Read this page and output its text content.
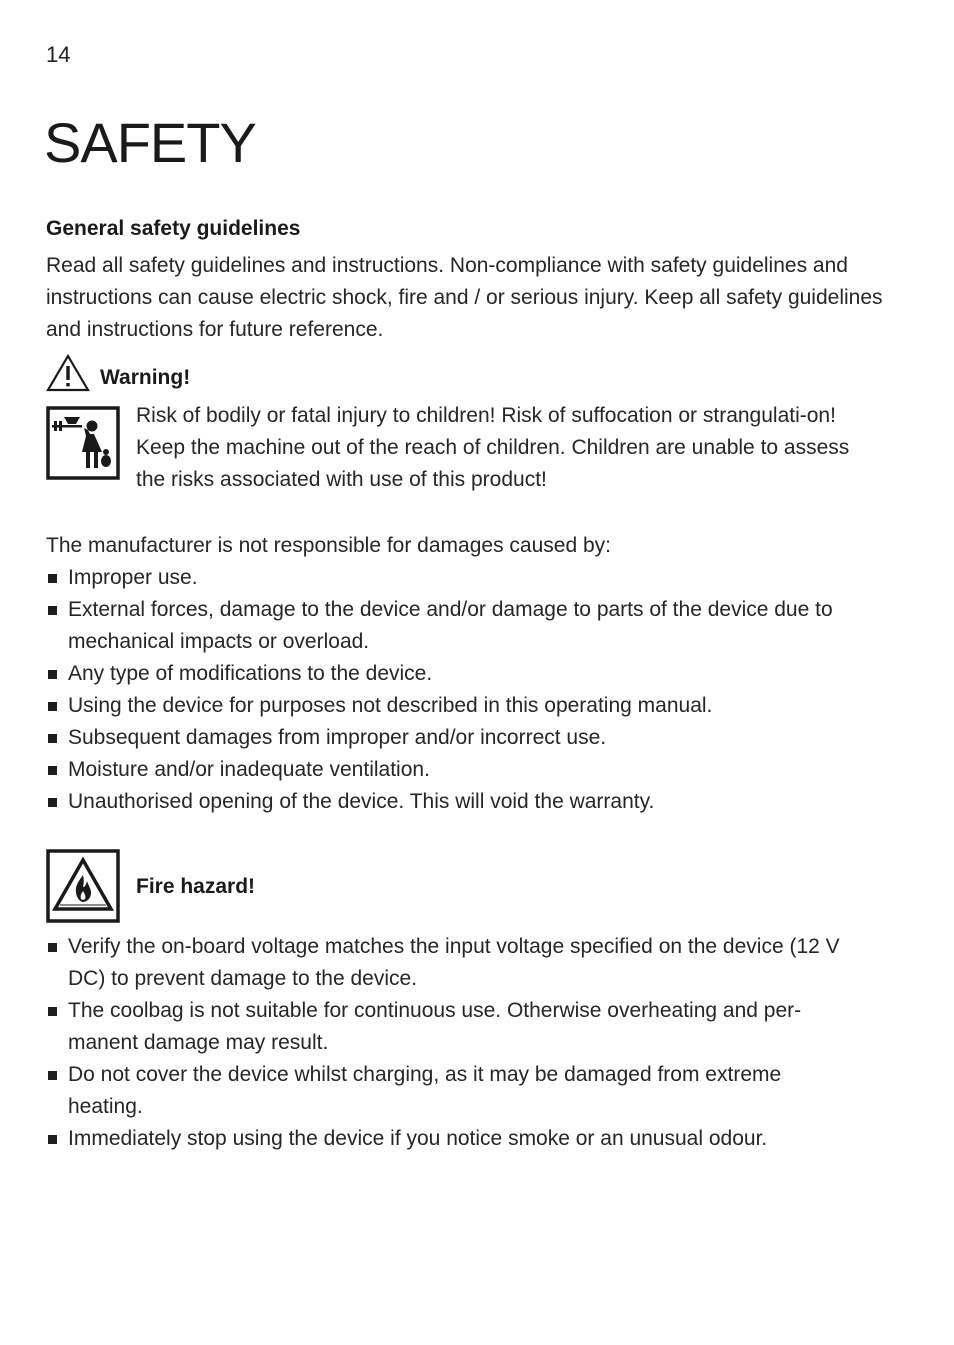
14
SAFETY
General safety guidelines

Read all safety guidelines and instructions. Non-compliance with safety guidelines and instructions can cause electric shock, fire and / or serious injury. Keep all safety guidelines and instructions for future reference.

Warning!

Risk of bodily or fatal injury to children! Risk of suffocation or strangulati-on! Keep the machine out of the reach of children. Children are unable to assess the risks associated with use of this product!

The manufacturer is not responsible for damages caused by:

Improper use.
External forces, damage to the device and/or damage to parts of the device due to mechanical impacts or overload.
Any type of modifications to the device.
Using the device for purposes not described in this operating manual.
Subsequent damages from improper and/or incorrect use.
Moisture and/or inadequate ventilation.
Unauthorised opening of the device. This will void the warranty.
Fire hazard!
Verify the on-board voltage matches the input voltage specified on the device (12 V DC) to prevent damage to the device.
The coolbag is not suitable for continuous use. Otherwise overheating and per-manent damage may result.
Do not cover the device whilst charging, as it may be damaged from extreme heating.
Immediately stop using the device if you notice smoke or an unusual odour.
